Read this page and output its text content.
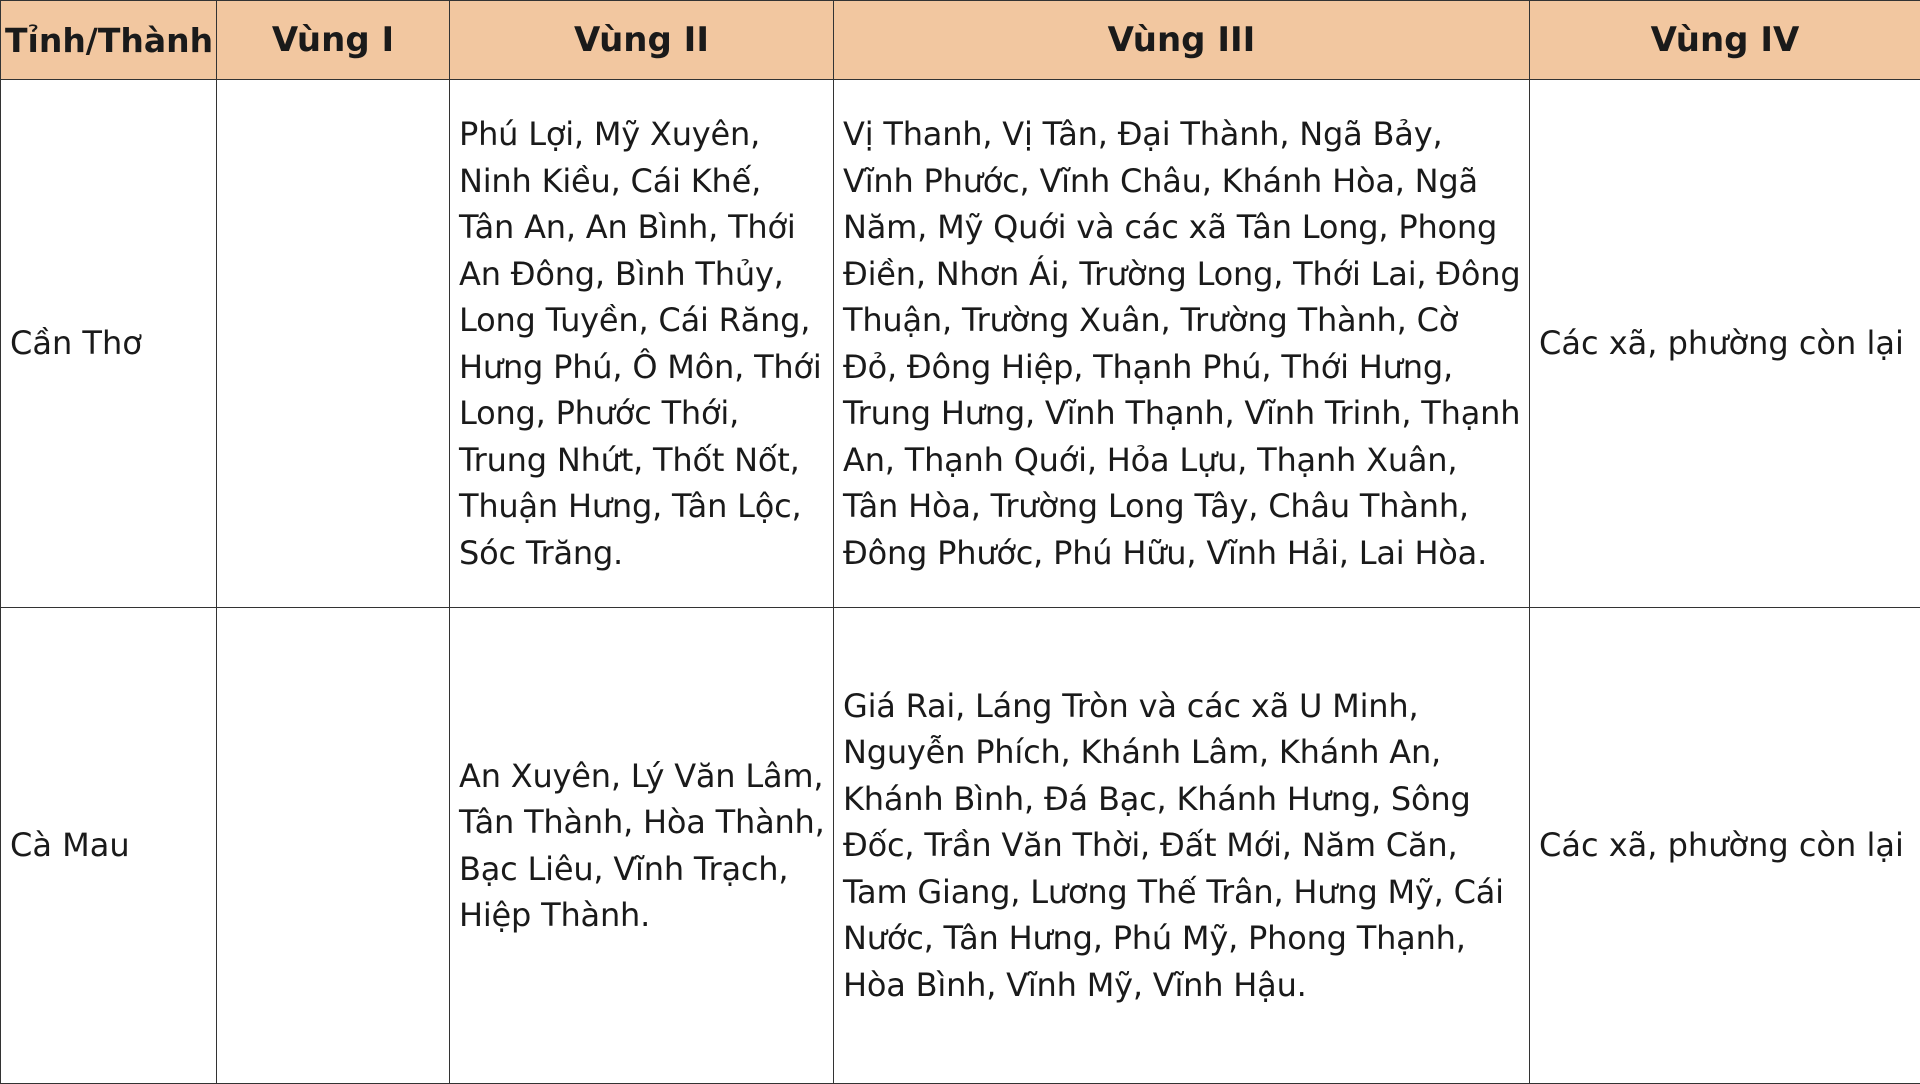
Tỉnh/Thành	Vùng I	Vùng II	Vùng III	Vùng IV
Cần Thơ		Phú Lợi, Mỹ Xuyên, Ninh Kiều, Cái Khế, Tân An, An Bình, Thới An Đông, Bình Thủy, Long Tuyền, Cái Răng, Hưng Phú, Ô Môn, Thới Long, Phước Thới, Trung Nhứt, Thốt Nốt, Thuận Hưng, Tân Lộc, Sóc Trăng.	Vị Thanh, Vị Tân, Đại Thành, Ngã Bảy, Vĩnh Phước, Vĩnh Châu, Khánh Hòa, Ngã Năm, Mỹ Quới và các xã Tân Long, Phong Điền, Nhơn Ái, Trường Long, Thới Lai, Đông Thuận, Trường Xuân, Trường Thành, Cờ Đỏ, Đông Hiệp, Thạnh Phú, Thới Hưng, Trung Hưng, Vĩnh Thạnh, Vĩnh Trinh, Thạnh An, Thạnh Quới, Hỏa Lựu, Thạnh Xuân, Tân Hòa, Trường Long Tây, Châu Thành, Đông Phước, Phú Hữu, Vĩnh Hải, Lai Hòa.	Các xã, phường còn lại
Cà Mau		An Xuyên, Lý Văn Lâm, Tân Thành, Hòa Thành, Bạc Liêu, Vĩnh Trạch, Hiệp Thành.	Giá Rai, Láng Tròn và các xã U Minh, Nguyễn Phích, Khánh Lâm, Khánh An, Khánh Bình, Đá Bạc, Khánh Hưng, Sông Đốc, Trần Văn Thời, Đất Mới, Năm Căn, Tam Giang, Lương Thế Trân, Hưng Mỹ, Cái Nước, Tân Hưng, Phú Mỹ, Phong Thạnh, Hòa Bình, Vĩnh Mỹ, Vĩnh Hậu.	Các xã, phường còn lại
